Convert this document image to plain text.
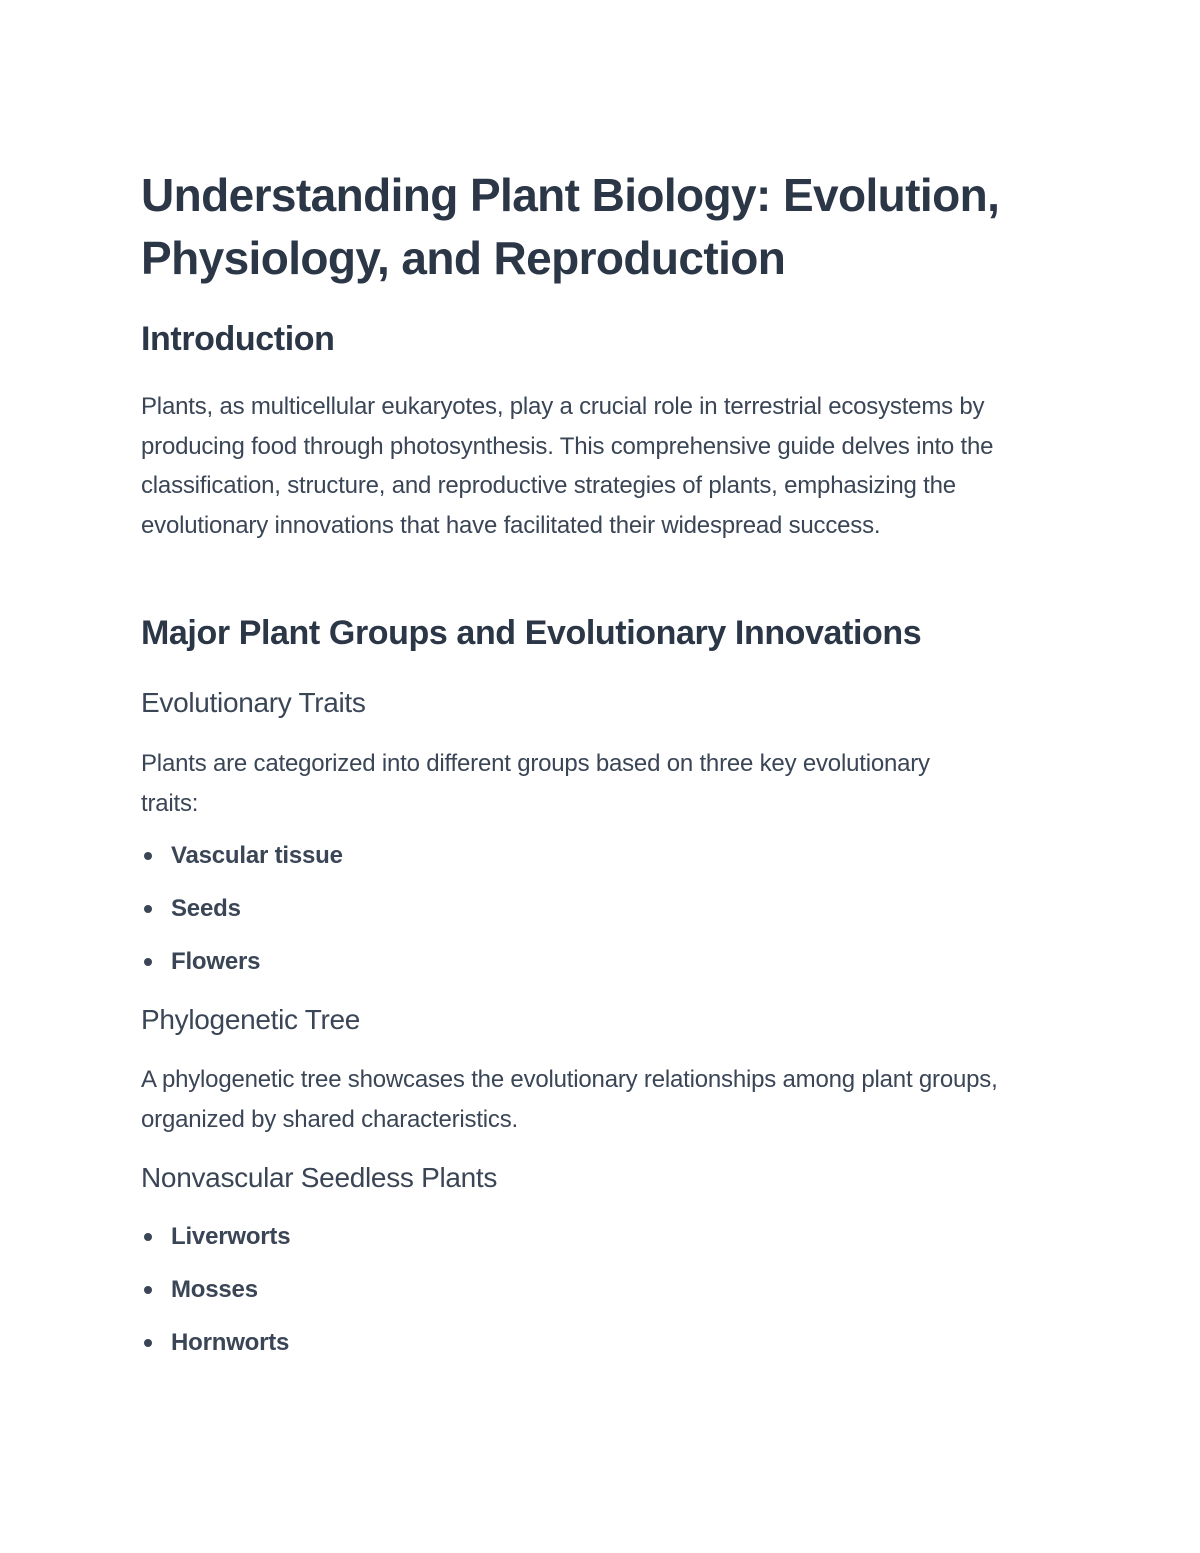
Understanding Plant Biology: Evolution, Physiology, and Reproduction
Introduction

Plants, as multicellular eukaryotes, play a crucial role in terrestrial ecosystems by producing food through photosynthesis. This comprehensive guide delves into the classification, structure, and reproductive strategies of plants, emphasizing the evolutionary innovations that have facilitated their widespread success.

Major Plant Groups and Evolutionary Innovations
Evolutionary Traits

Plants are categorized into different groups based on three key evolutionary traits:

Vascular tissue
Seeds
Flowers
Phylogenetic Tree

A phylogenetic tree showcases the evolutionary relationships among plant groups, organized by shared characteristics.

Nonvascular Seedless Plants
Liverworts
Mosses
Hornworts
